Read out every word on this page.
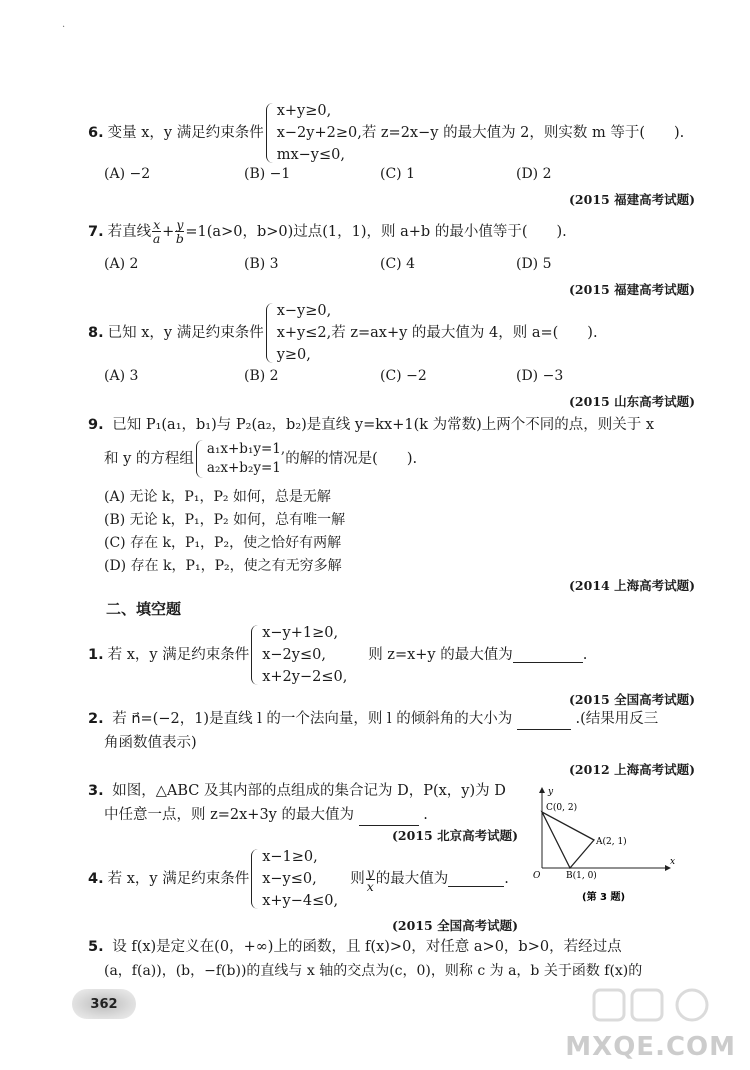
·
6. 变量 x，y 满足约束条件
x+y≥0,
x−2y+2≥0,
mx−y≤0,
若 z=2x−y 的最大值为 2，则实数 m 等于(　　).
(A) −2	(B) −1	(C) 1	(D) 2
(2015 福建高考试题)
7. 若直线 $\frac{x}{a} + \frac{y}{b} =1(a>0$，b>0)过点(1，1)，则 a+b 的最小值等于(　　).
(A) 2	(B) 3	(C) 4	(D) 5
(2015 福建高考试题)
8. 已知 x，y 满足约束条件
x−y≥0,
x+y≤2,
y≥0,
若 z=ax+y 的最大值为 4，则 a=(　　).
(A) 3	(B) 2	(C) −2	(D) −3
(2015 山东高考试题)
9. 已知 P₁(a₁，b₁)与 P₂(a₂，b₂)是直线 y=kx+1(k 为常数)上两个不同的点，则关于 x
和 y 的方程组
a₁x+b₁y=1,
a₂x+b₂y=1
的解的情况是(　　).
(A) 无论 k，P₁，P₂ 如何，总是无解
(B) 无论 k，P₁，P₂ 如何，总有唯一解
(C) 存在 k，P₁，P₂，使之恰好有两解
(D) 存在 k，P₁，P₂，使之有无穷多解
(2014 上海高考试题)
二、填空题
1. 若 x，y 满足约束条件
x−y+1≥0,
x−2y≤0,
x+2y−2≤0,
则 z=x+y 的最大值为	.
(2015 全国高考试题)
2. 若 n⃗=(−2，1)是直线 l 的一个法向量，则 l 的倾斜角的大小为	.(结果用反三
角函数值表示)
(2012 上海高考试题)
3. 如图，△ABC 及其内部的点组成的集合记为 D，P(x，y)为 D
中任意一点，则 z=2x+3y 的最大值为	.
(2015 北京高考试题)
y
x
O
C(0, 2)
A(2, 1)
B(1, 0)
(第 3 题)
4. 若 x，y 满足约束条件
x−1≥0,
x−y≤0,
x+y−4≤0,
则 $\frac{y}{x}$ 的最大值为	.
(2015 全国高考试题)
5. 设 f(x)是定义在(0，+∞)上的函数，且 f(x)>0，对任意 a>0，b>0，若经过点
(a，f(a))，(b，−f(b))的直线与 x 轴的交点为(c，0)，则称 c 为 a，b 关于函数 f(x)的
362
MXQE.COM
